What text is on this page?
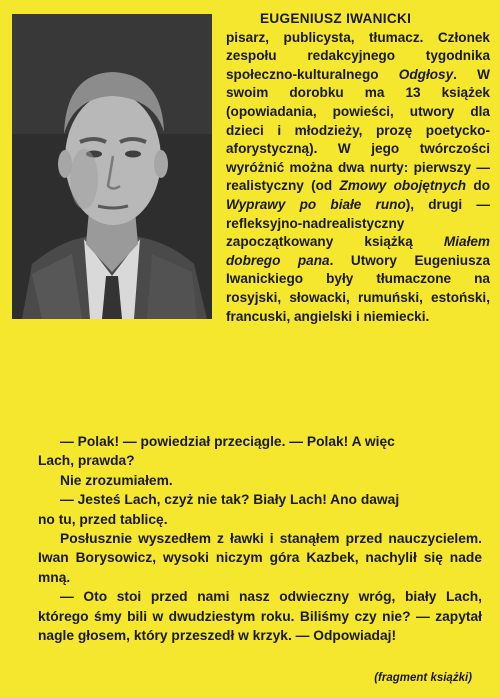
EUGENIUSZ IWANICKI
pisarz, publicysta, tłumacz. Członek zespołu redakcyjnego tygodnika społeczno-kulturalnego Odgłosy. W swoim dorobku ma 13 książek (opowiadania, powieści, utwory dla dzieci i młodzieży, prozę poetycko-aforystyczną). W jego twórczości wyróżnić można dwa nurty: pierwszy — realistyczny (od Zmowy obojętnych do Wyprawy po białe runo), drugi — refleksyjno-nadrealistyczny zapoczątkowany książką Miałem dobrego pana. Utwory Eugeniusza Iwanickiego były tłumaczone na rosyjski, słowacki, rumuński, estoński, francuski, angielski i niemiecki.

— Polak! — powiedział przeciągle. — Polak! A więc

Lach, prawda?

Nie zrozumiałem.

— Jesteś Lach, czyż nie tak? Biały Lach! Ano dawaj

no tu, przed tablicę.

Posłusznie wyszedłem z ławki i stanąłem przed nauczycielem. Iwan Borysowicz, wysoki niczym góra Kazbek, nachylił się nade mną.

— Oto stoi przed nami nasz odwieczny wróg, biały Lach, którego śmy bili w dwudziestym roku. Biliśmy czy nie? — zapytał nagle głosem, który przeszedł w krzyk. — Odpowiadaj!

(fragment książki)
